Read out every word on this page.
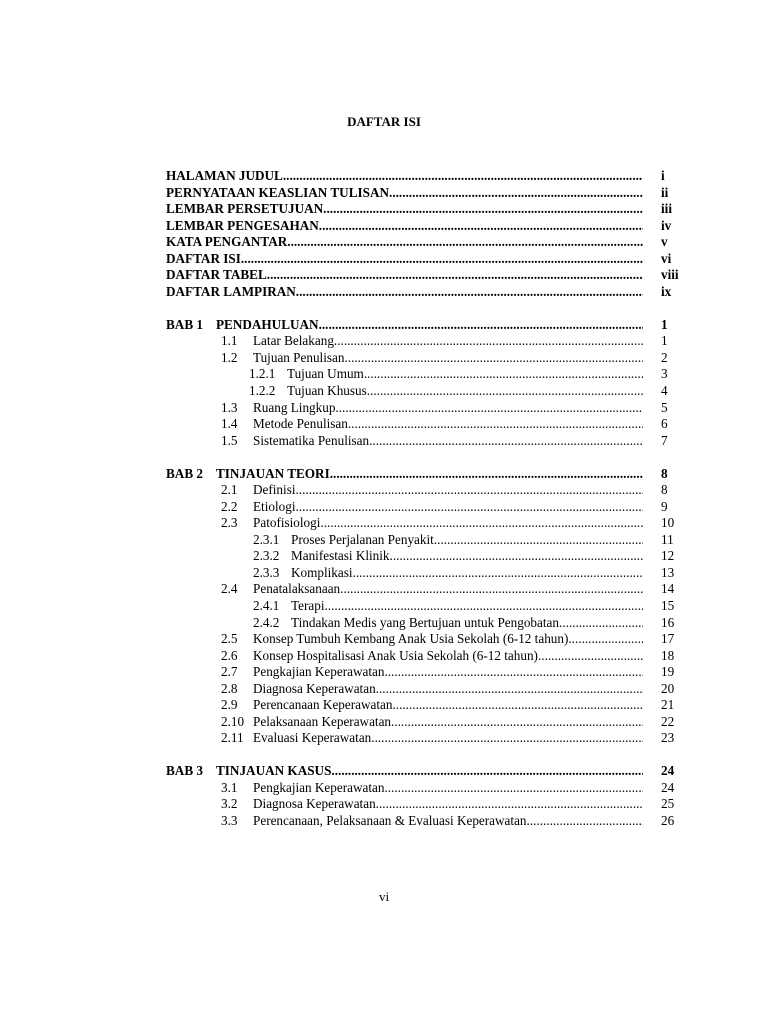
DAFTAR ISI
HALAMAN JUDUL .....	i
PERNYATAAN KEASLIAN TULISAN .....	ii
LEMBAR PERSETUJUAN .....	iii
LEMBAR PENGESAHAN .....	iv
KATA PENGANTAR .....	v
DAFTAR ISI .....	vi
DAFTAR TABEL .....	viii
DAFTAR LAMPIRAN .....	ix
BAB 1 PENDAHULUAN .....	1
1.1 Latar Belakang .....	1
1.2 Tujuan Penulisan .....	2
1.2.1 Tujuan Umum .....	3
1.2.2 Tujuan Khusus .....	4
1.3 Ruang Lingkup .....	5
1.4 Metode Penulisan .....	6
1.5 Sistematika Penulisan .....	7
BAB 2 TINJAUAN TEORI .....	8
2.1 Definisi .....	8
2.2 Etiologi .....	9
2.3 Patofisiologi .....	10
2.3.1 Proses Perjalanan Penyakit .....	11
2.3.2 Manifestasi Klinik .....	12
2.3.3 Komplikasi .....	13
2.4 Penatalaksanaan .....	14
2.4.1 Terapi .....	15
2.4.2 Tindakan Medis yang Bertujuan untuk Pengobatan .....	16
2.5 Konsep Tumbuh Kembang Anak Usia Sekolah (6-12 tahun) .....	17
2.6 Konsep Hospitalisasi Anak Usia Sekolah (6-12 tahun) .....	18
2.7 Pengkajian Keperawatan .....	19
2.8 Diagnosa Keperawatan .....	20
2.9 Perencanaan Keperawatan .....	21
2.10 Pelaksanaan Keperawatan .....	22
2.11 Evaluasi Keperawatan .....	23
BAB 3 TINJAUAN KASUS .....	24
3.1 Pengkajian Keperawatan .....	24
3.2 Diagnosa Keperawatan .....	25
3.3 Perencanaan, Pelaksanaan & Evaluasi Keperawatan .....	26
vi
